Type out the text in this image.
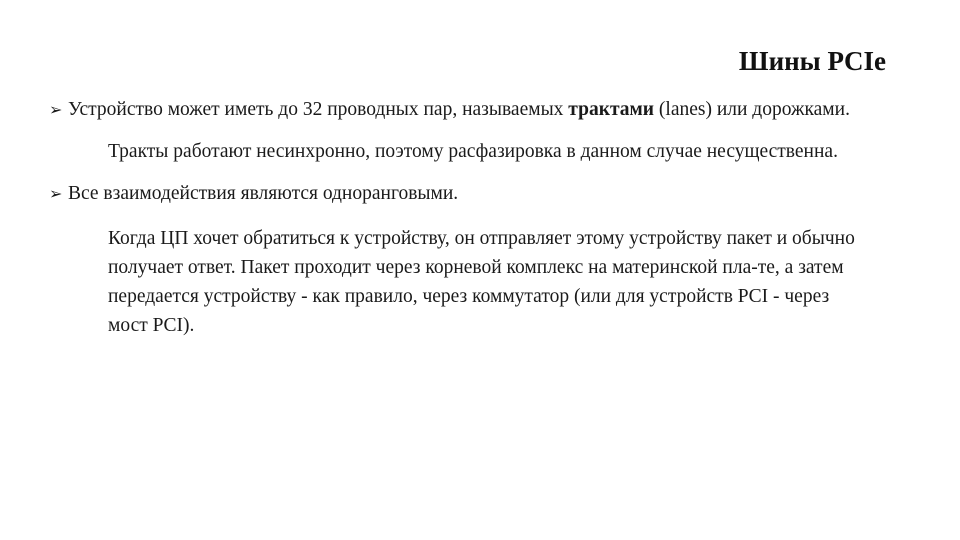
Шины PCIe

➢ Устройство может иметь до 32 проводных пар, называемых трактами (lanes) или дорожками.

Тракты работают несинхронно, поэтому расфазировка в данном случае несущественна.

➢ Все взаимодействия являются одноранговыми.

Когда ЦП хочет обратиться к устройству, он отправляет этому устройству пакет и обычно получает ответ. Пакет проходит через корневой комплекс на материнской пла-те, а затем передается устройству - как правило, через коммутатор (или для устройств PCI - через мост PCI).
